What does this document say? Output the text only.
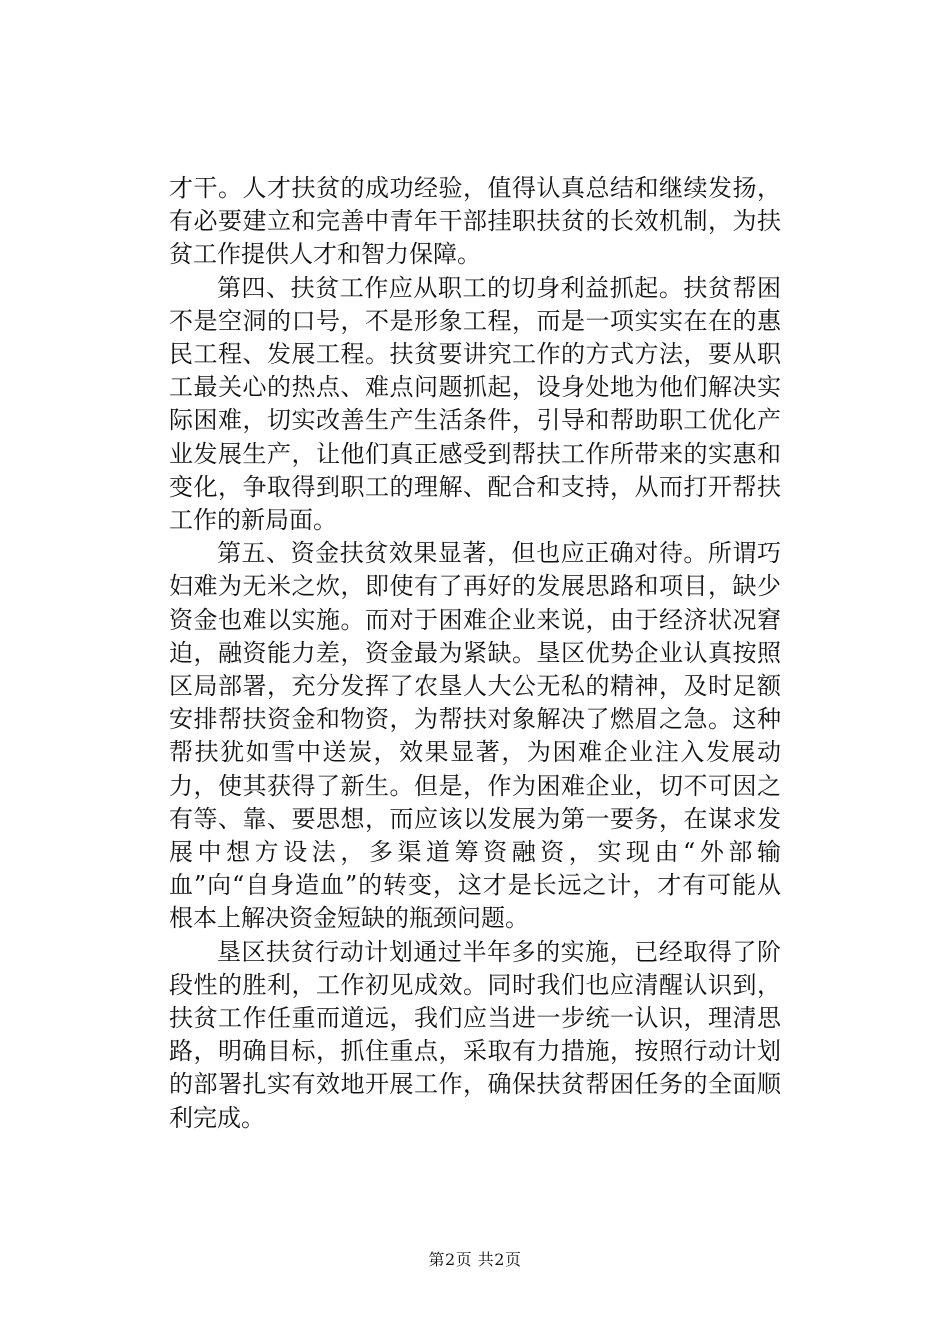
才干。人才扶贫的成功经验，值得认真总结和继续发扬，有必要建立和完善中青年干部挂职扶贫的长效机制，为扶贫工作提供人才和智力保障。

第四、扶贫工作应从职工的切身利益抓起。扶贫帮困不是空洞的口号，不是形象工程，而是一项实实在在的惠民工程、发展工程。扶贫要讲究工作的方式方法，要从职工最关心的热点、难点问题抓起，设身处地为他们解决实际困难，切实改善生产生活条件，引导和帮助职工优化产业发展生产，让他们真正感受到帮扶工作所带来的实惠和变化，争取得到职工的理解、配合和支持，从而打开帮扶工作的新局面。

第五、资金扶贫效果显著，但也应正确对待。所谓巧妇难为无米之炊，即使有了再好的发展思路和项目，缺少资金也难以实施。而对于困难企业来说，由于经济状况窘迫，融资能力差，资金最为紧缺。垦区优势企业认真按照区局部署，充分发挥了农垦人大公无私的精神，及时足额安排帮扶资金和物资，为帮扶对象解决了燃眉之急。这种帮扶犹如雪中送炭，效果显著，为困难企业注入发展动力，使其获得了新生。但是，作为困难企业，切不可因之有等、靠、要思想，而应该以发展为第一要务，在谋求发展中想方设法，多渠道筹资融资，实现由“外部输血”向“自身造血”的转变，这才是长远之计，才有可能从根本上解决资金短缺的瓶颈问题。

垦区扶贫行动计划通过半年多的实施，已经取得了阶段性的胜利，工作初见成效。同时我们也应清醒认识到，扶贫工作任重而道远，我们应当进一步统一认识，理清思路，明确目标，抓住重点，采取有力措施，按照行动计划的部署扎实有效地开展工作，确保扶贫帮困任务的全面顺利完成。

第2页 共2页
